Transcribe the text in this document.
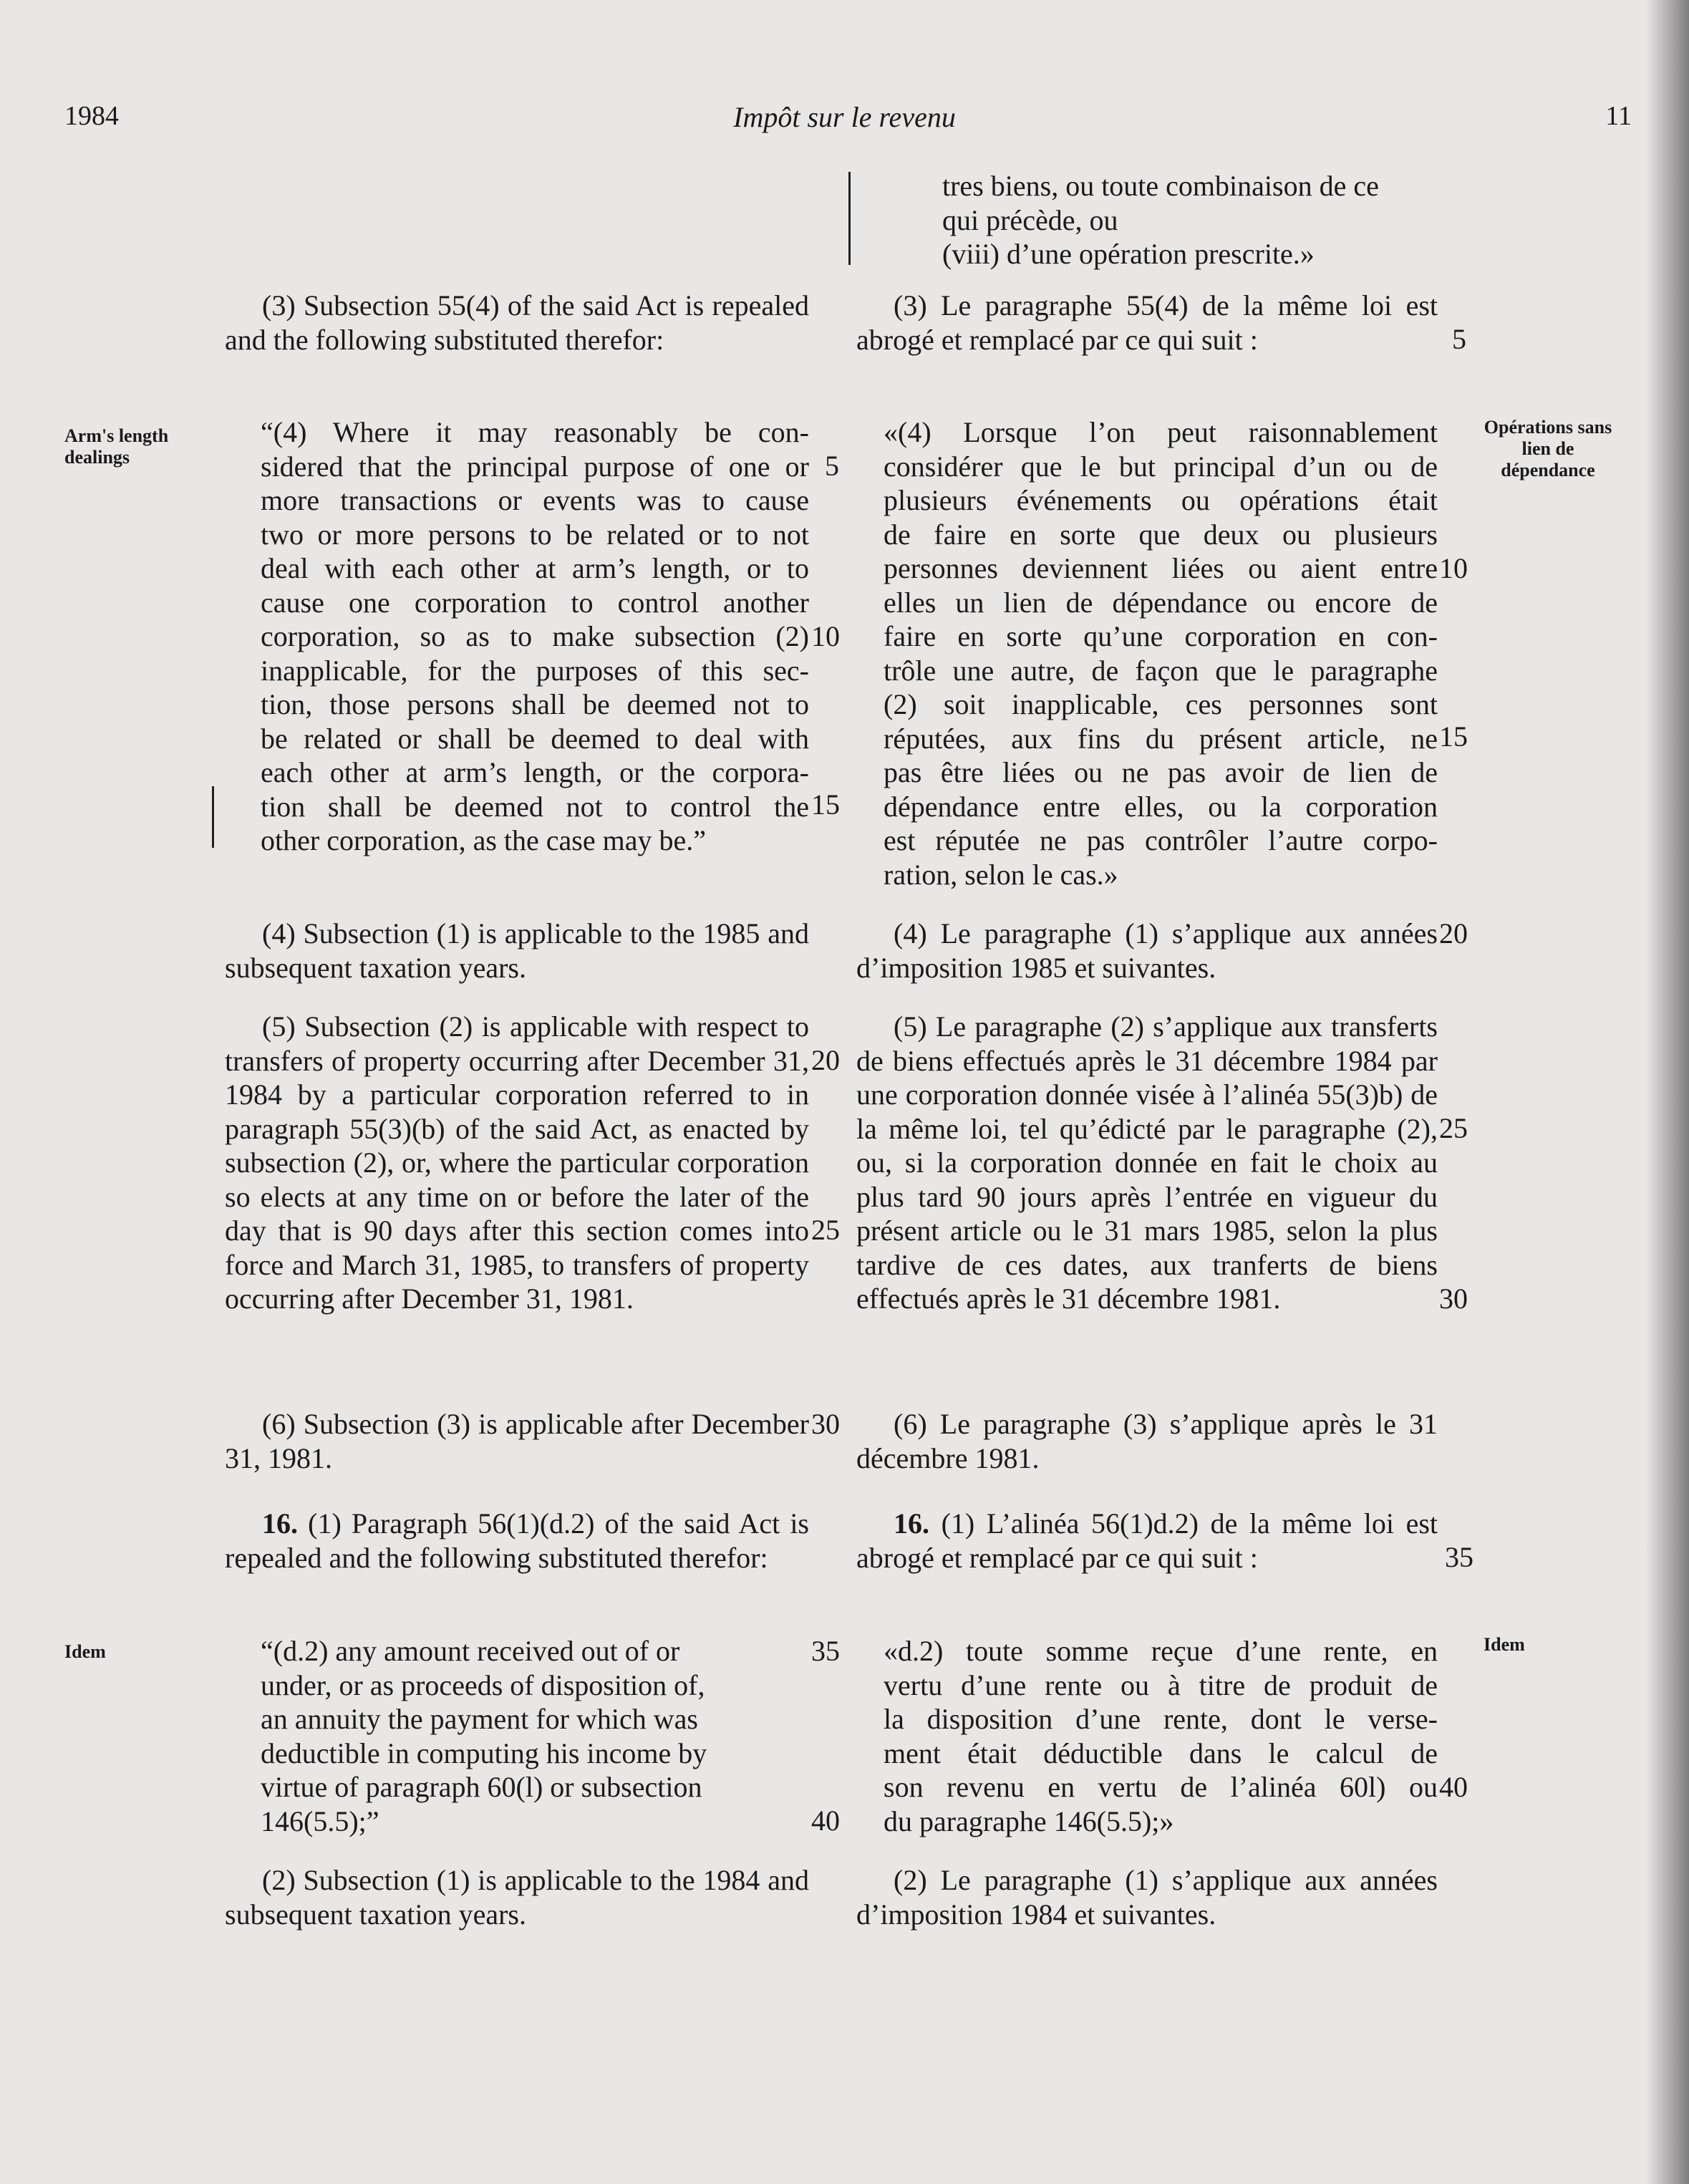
1984	Impôt sur le revenu	11
Arm's length
dealings
Opérations sans
lien de
dépendance
Idem	Idem

(3) Subsection 55(4) of the said Act is repealed and the following substituted therefor:

“(4) Where it may reasonably be con-
sidered that the principal purpose of one or
more transactions or events was to cause
two or more persons to be related or to not
deal with each other at arm’s length, or to
cause one corporation to control another
corporation, so as to make subsection (2)
inapplicable, for the purposes of this sec-
tion, those persons shall be deemed not to
be related or shall be deemed to deal with
each other at arm’s length, or the corpora-
tion shall be deemed not to control the
other corporation, as the case may be.”

(4) Subsection (1) is applicable to the 1985 and subsequent taxation years.

(5) Subsection (2) is applicable with respect to transfers of property occurring after December 31, 1984 by a particular corporation referred to in paragraph 55(3)(b) of the said Act, as enacted by subsection (2), or, where the particular corporation so elects at any time on or before the later of the day that is 90 days after this section comes into force and March 31, 1985, to transfers of property occurring after December 31, 1981.

(6) Subsection (3) is applicable after December 31, 1981.

16. (1) Paragraph 56(1)(d.2) of the said Act is repealed and the following substituted therefor:

“(d.2) any amount received out of or
under, or as proceeds of disposition of,
an annuity the payment for which was
deductible in computing his income by
virtue of paragraph 60(l) or subsection
146(5.5);”

(2) Subsection (1) is applicable to the 1984 and subsequent taxation years.

tres biens, ou toute combinaison de ce
qui précède, ou
(viii) d’une opération prescrite.»

(3) Le paragraphe 55(4) de la même loi est abrogé et remplacé par ce qui suit :

«(4) Lorsque l’on peut raisonnablement
considérer que le but principal d’un ou de
plusieurs événements ou opérations était
de faire en sorte que deux ou plusieurs
personnes deviennent liées ou aient entre
elles un lien de dépendance ou encore de
faire en sorte qu’une corporation en con-
trôle une autre, de façon que le paragraphe
(2) soit inapplicable, ces personnes sont
réputées, aux fins du présent article, ne
pas être liées ou ne pas avoir de lien de
dépendance entre elles, ou la corporation
est réputée ne pas contrôler l’autre corpo-
ration, selon le cas.»

(4) Le paragraphe (1) s’applique aux années d’imposition 1985 et suivantes.

(5) Le paragraphe (2) s’applique aux transferts de biens effectués après le 31 décembre 1984 par une corporation donnée visée à l’alinéa 55(3)b) de la même loi, tel qu’édicté par le paragraphe (2), ou, si la corporation donnée en fait le choix au plus tard 90 jours après l’entrée en vigueur du présent article ou le 31 mars 1985, selon la plus tardive de ces dates, aux tranferts de biens effectués après le 31 décembre 1981.

(6) Le paragraphe (3) s’applique après le 31 décembre 1981.

16. (1) L’alinéa 56(1)d.2) de la même loi est abrogé et remplacé par ce qui suit :

«d.2) toute somme reçue d’une rente, en
vertu d’une rente ou à titre de produit de
la disposition d’une rente, dont le verse-
ment était déductible dans le calcul de
son revenu en vertu de l’alinéa 60l) ou
du paragraphe 146(5.5);»

(2) Le paragraphe (1) s’applique aux années d’imposition 1984 et suivantes.

5
10
15
20
25
30
35
40
5
10
15
20
25
30
35
40
